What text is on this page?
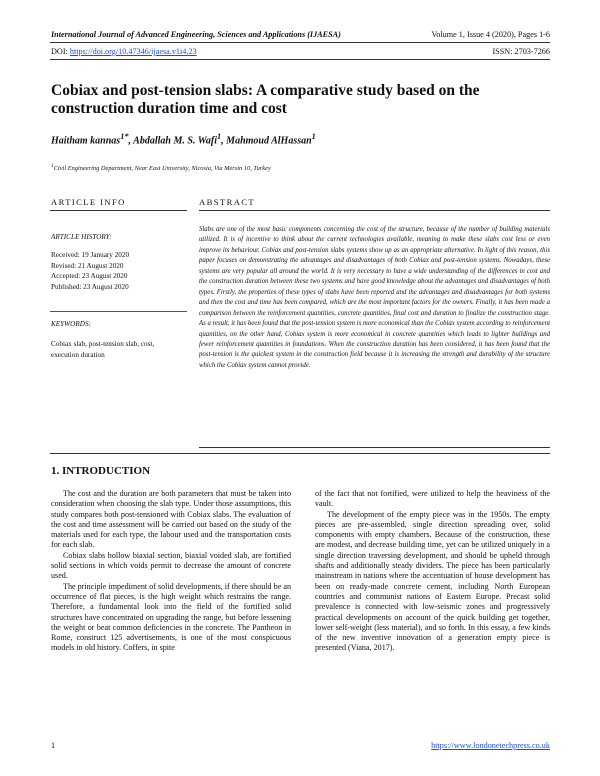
International Journal of Advanced Engineering, Sciences and Applications (IJAESA)	Volume 1, Issue 4 (2020), Pages 1-6
DOI: https://doi.org/10.47346/ijaesa.v1i4.23	ISSN: 2703-7266
Cobiax and post-tension slabs: A comparative study based on the construction duration time and cost
Haitham kannas$^{1*}$, Abdallah M. S. Wafi$^1$, Mahmoud AlHassan$^1$
$^1$Civil Engineering Department, Near East University, Nicosia, Via Mersin 10, Turkey
ARTICLE INFO	ABSTRACT
ARTICLE HISTORY:
Received: 19 January 2020
Revised: 21 August 2020
Accepted: 23 August 2020
Published: 23 August 2020
KEYWORDS:
Cobiax slab, post-tension slab, cost, execution duration
Slabs are one of the most basic components concerning the cost of the structure, because of the number of building materials utilized. It is of incentive to think about the current technologies available, meaning to make these slabs cost less or even improve its behaviour. Cobiax and post-tension slabs systems show up as an appropriate alternative. In light of this reason, this paper focuses on demonstrating the advantages and disadvantages of both Cobiax and post-tension systems. Nowadays, these systems are very popular all around the world. It is very necessary to have a wide understanding of the differences in cost and the construction duration between these two systems and have good knowledge about the advantages and disadvantages of both types. Firstly, the properties of these types of slabs have been reported and the advantages and disadvantages for both systems and then the cost and time has been compared, which are the most important factors for the owners. Finally, it has been made a comparison between the reinforcement quantities, concrete quantities, final cost and duration to finalize the construction stage. As a result, it has been found that the post-tension system is more economical than the Cobiax system according to reinforcement quantities, on the other hand, Cobiax system is more economical in concrete quantities which leads to lighter buildings and fewer reinforcement quantities in foundations. When the construction duration has been considered, it has been found that the post-tension is the quickest system in the construction field because it is increasing the strength and durability of the structure which the Cobiax system cannot provide.
1. INTRODUCTION

The cost and the duration are both parameters that must be taken into consideration when choosing the slab type. Under those assumptions, this study compares both post-tensioned with Cobiax slabs. The evaluation of the cost and time assessment will be carried out based on the study of the materials used for each type, the labour used and the transportation costs for each slab.

Cobiax slabs hollow biaxial section, biaxial voided slab, are fortified solid sections in which voids permit to decrease the amount of concrete used.

The principle impediment of solid developments, if there should be an occurrence of flat pieces, is the high weight which restrains the range. Therefore, a fundamental look into the field of the fortified solid structures have concentrated on upgrading the range, but before lessening the weight or beat common deficiencies in the concrete. The Pantheon in Rome, construct 125 advertisements, is one of the most conspicuous models in old history. Coffers, in spite

of the fact that not fortified, were utilized to help the heaviness of the vault.

The development of the empty piece was in the 1950s. The empty pieces are pre-assembled, single direction spreading over, solid components with empty chambers. Because of the construction, these are modest, and decrease building time, yet can be utilized uniquely in a single direction traversing development, and should be upheld through shafts and additionally steady dividers. The piece has been particularly mainstream in nations where the accentuation of house development has been on ready-made concrete cement, including North European countries and communist nations of Eastern Europe. Precast solid prevalence is connected with low-seismic zones and progressively practical developments on account of the quick building get together, lower self-weight (less material), and so forth. In this essay, a few kinds of the new inventive innovation of a generation empty piece is presented (Viana, 2017).

1	https://www.londonetechpress.co.uk
